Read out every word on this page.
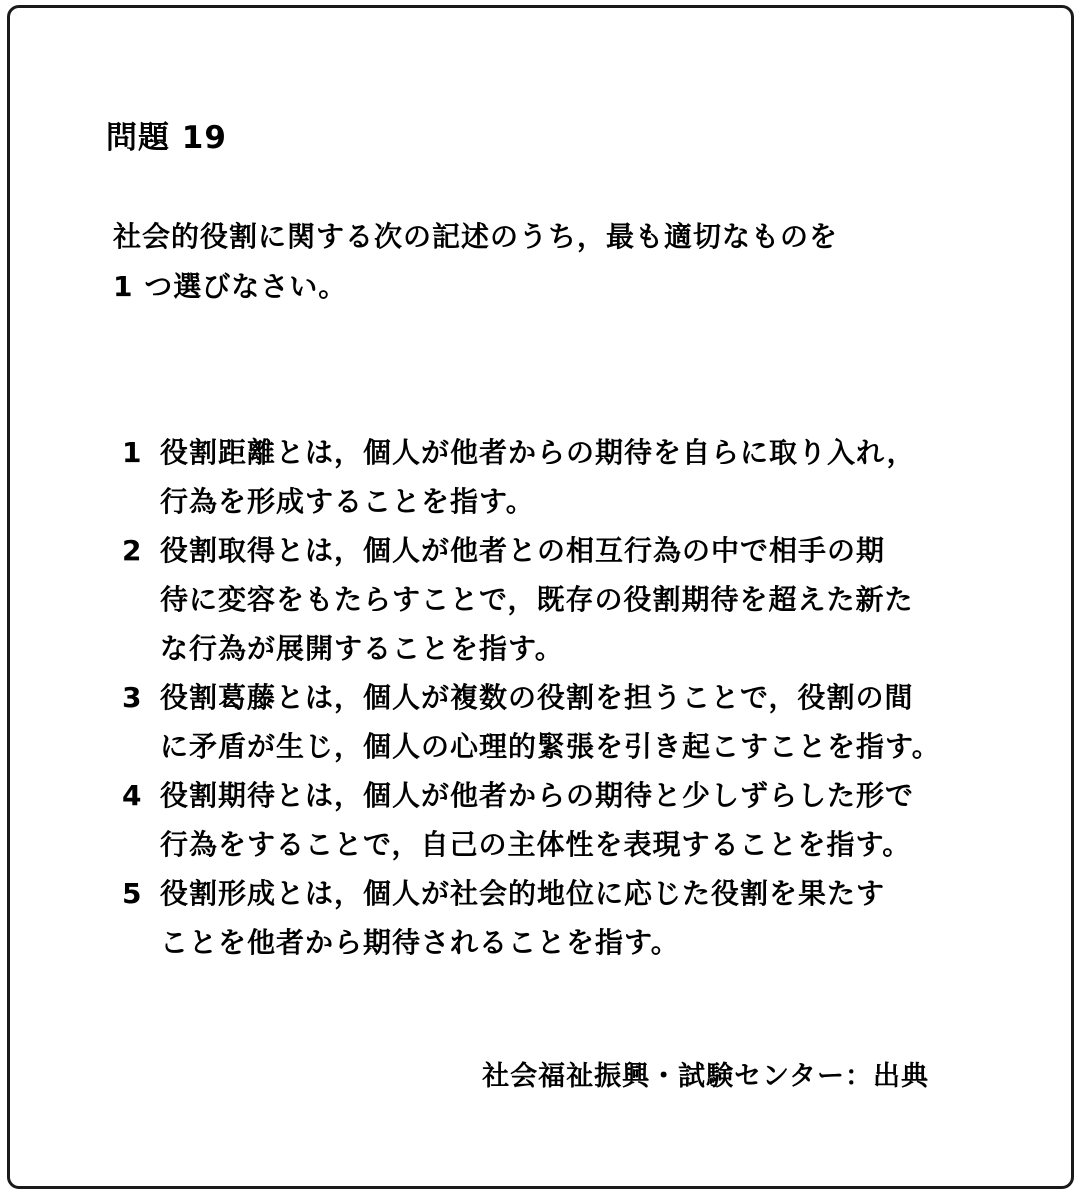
問題 19
社会的役割に関する次の記述のうち，最も適切なものを
1 つ選びなさい。
1 役割距離とは，個人が他者からの期待を自らに取り入れ，
行為を形成することを指す。
2 役割取得とは，個人が他者との相互行為の中で相手の期
待に変容をもたらすことで，既存の役割期待を超えた新た
な行為が展開することを指す。
3 役割葛藤とは，個人が複数の役割を担うことで，役割の間
に矛盾が生じ，個人の心理的緊張を引き起こすことを指す。
4 役割期待とは，個人が他者からの期待と少しずらした形で
行為をすることで，自己の主体性を表現することを指す。
5 役割形成とは，個人が社会的地位に応じた役割を果たす
ことを他者から期待されることを指す。
社会福祉振興・試験センター：出典
